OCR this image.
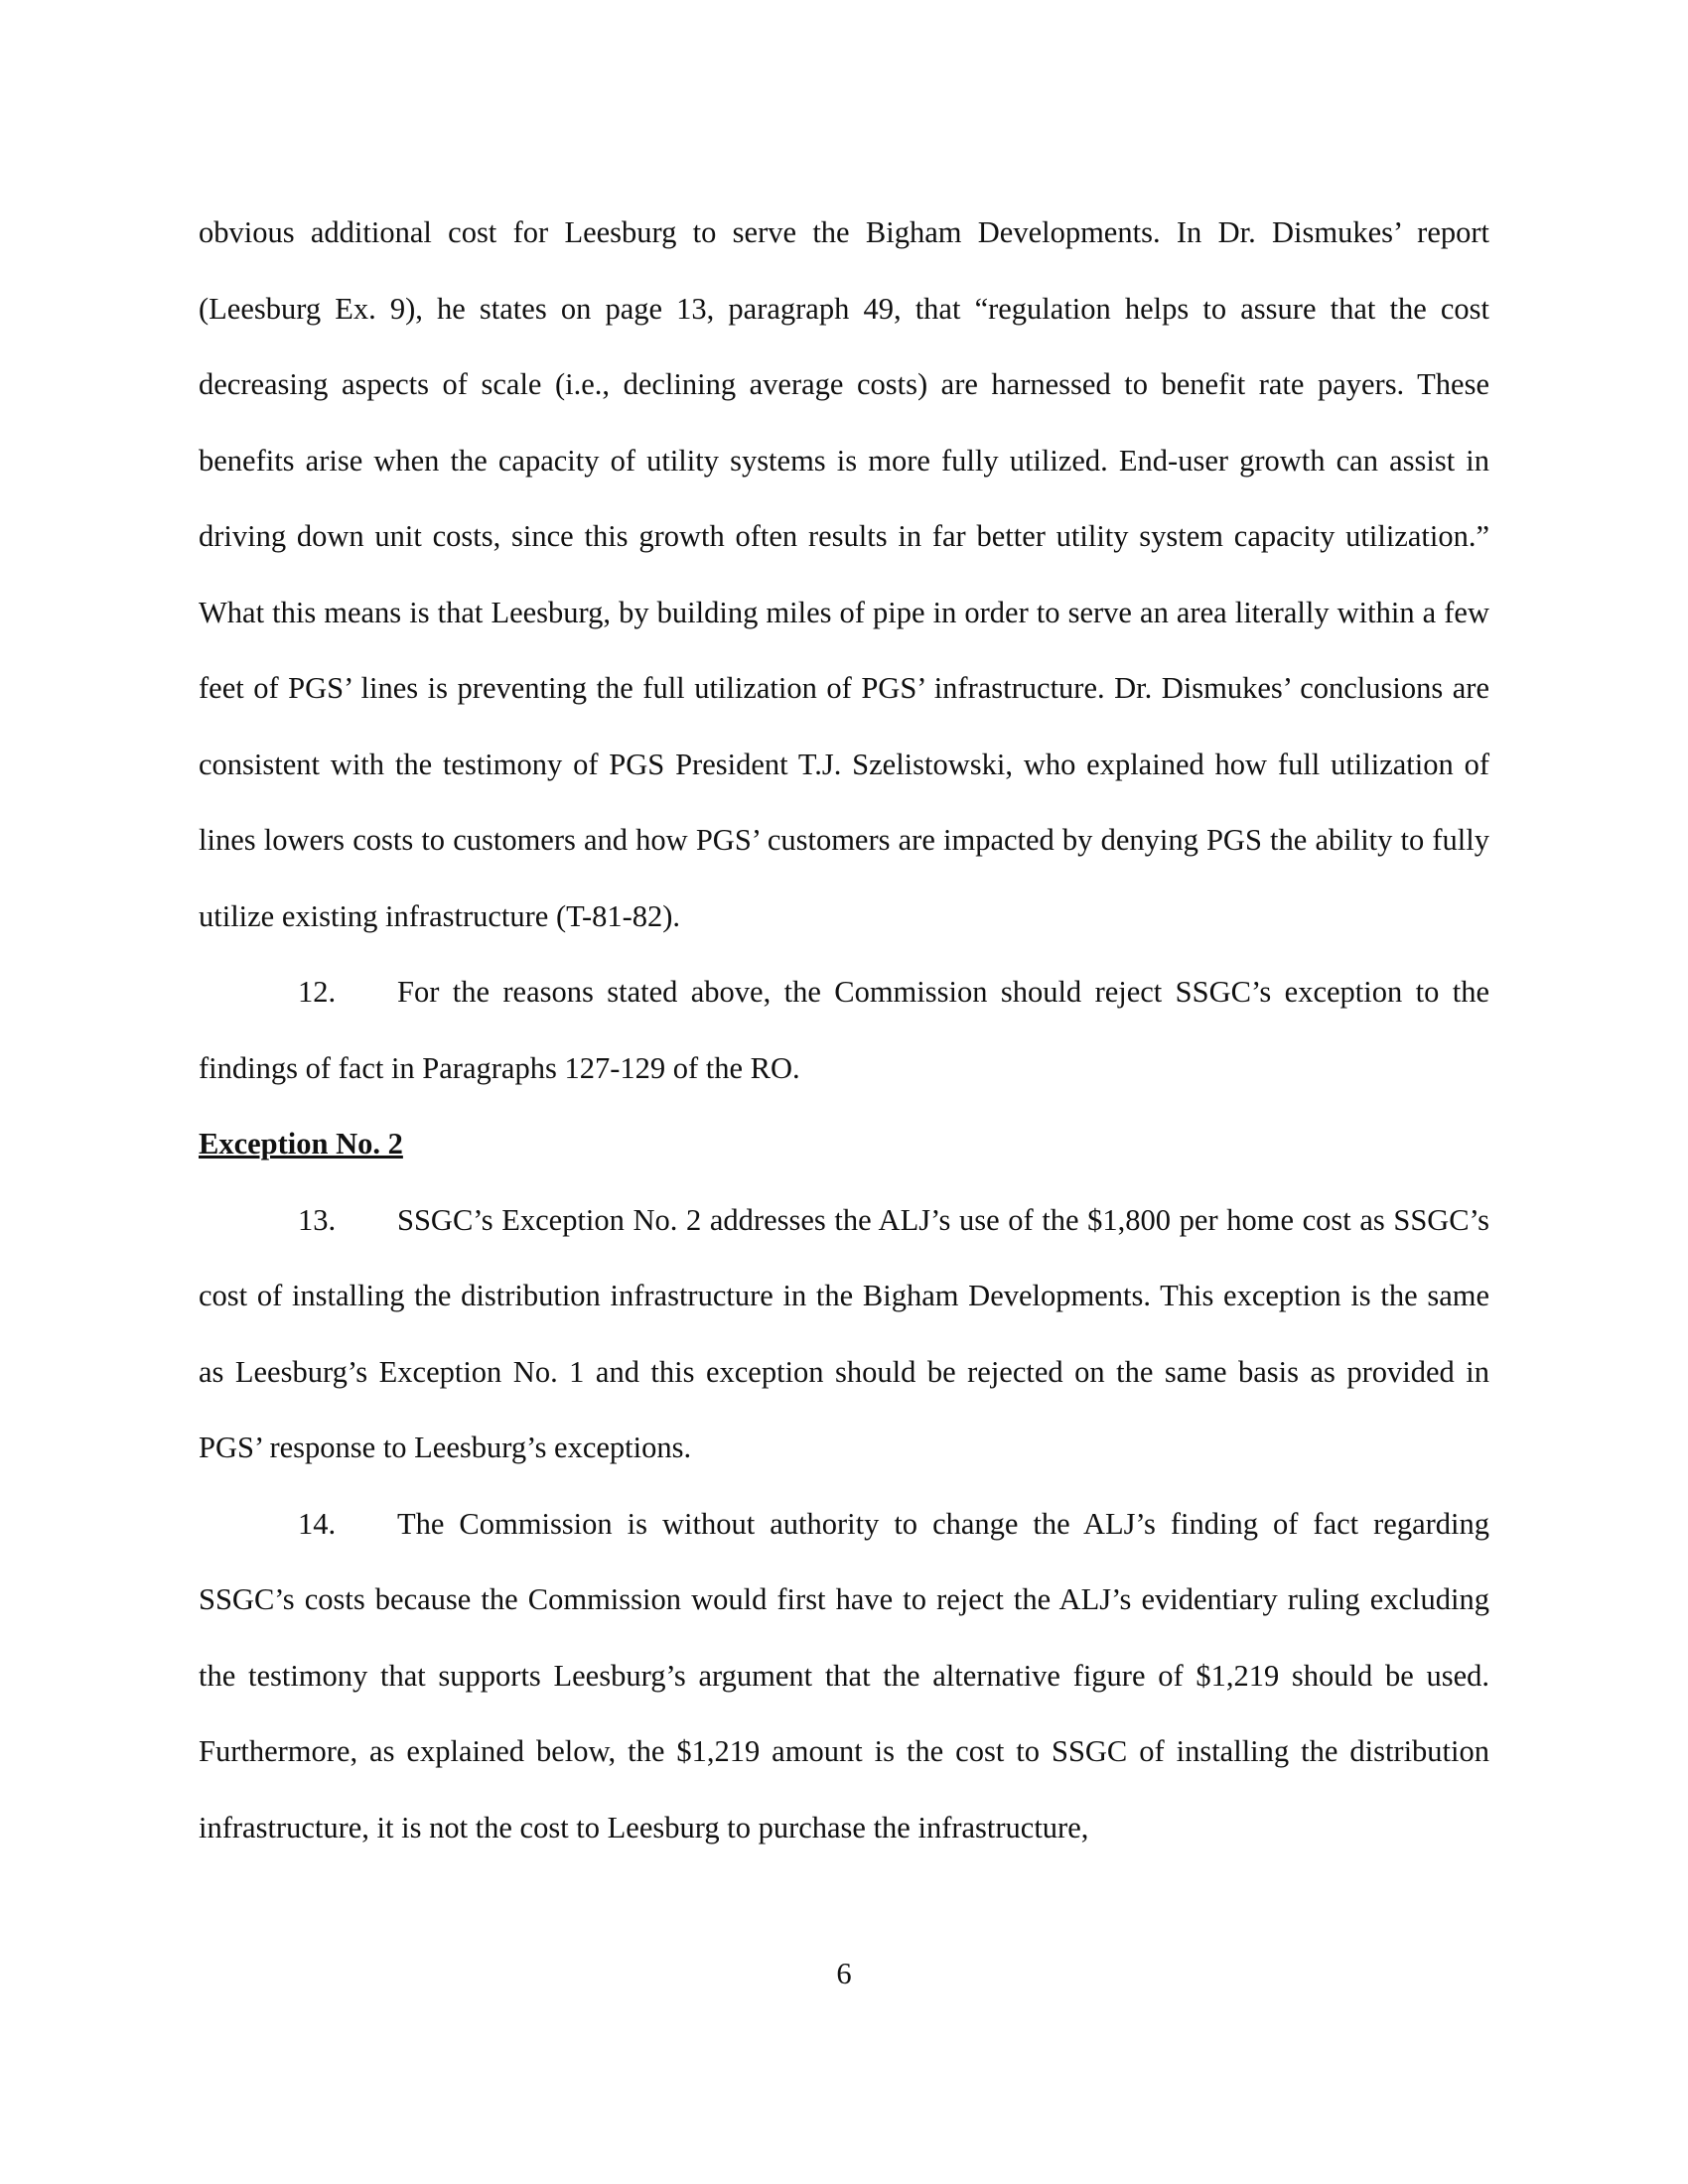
obvious additional cost for Leesburg to serve the Bigham Developments. In Dr. Dismukes’ report (Leesburg Ex. 9), he states on page 13, paragraph 49, that “regulation helps to assure that the cost decreasing aspects of scale (i.e., declining average costs) are harnessed to benefit rate payers. These benefits arise when the capacity of utility systems is more fully utilized. End-user growth can assist in driving down unit costs, since this growth often results in far better utility system capacity utilization.” What this means is that Leesburg, by building miles of pipe in order to serve an area literally within a few feet of PGS’ lines is preventing the full utilization of PGS’ infrastructure. Dr. Dismukes’ conclusions are consistent with the testimony of PGS President T.J. Szelistowski, who explained how full utilization of lines lowers costs to customers and how PGS’ customers are impacted by denying PGS the ability to fully utilize existing infrastructure (T-81-82).

12. For the reasons stated above, the Commission should reject SSGC’s exception to the findings of fact in Paragraphs 127-129 of the RO.

Exception No. 2

13. SSGC’s Exception No. 2 addresses the ALJ’s use of the $1,800 per home cost as SSGC’s cost of installing the distribution infrastructure in the Bigham Developments. This exception is the same as Leesburg’s Exception No. 1 and this exception should be rejected on the same basis as provided in PGS’ response to Leesburg’s exceptions.

14. The Commission is without authority to change the ALJ’s finding of fact regarding SSGC’s costs because the Commission would first have to reject the ALJ’s evidentiary ruling excluding the testimony that supports Leesburg’s argument that the alternative figure of $1,219 should be used. Furthermore, as explained below, the $1,219 amount is the cost to SSGC of installing the distribution infrastructure, it is not the cost to Leesburg to purchase the infrastructure,

6
